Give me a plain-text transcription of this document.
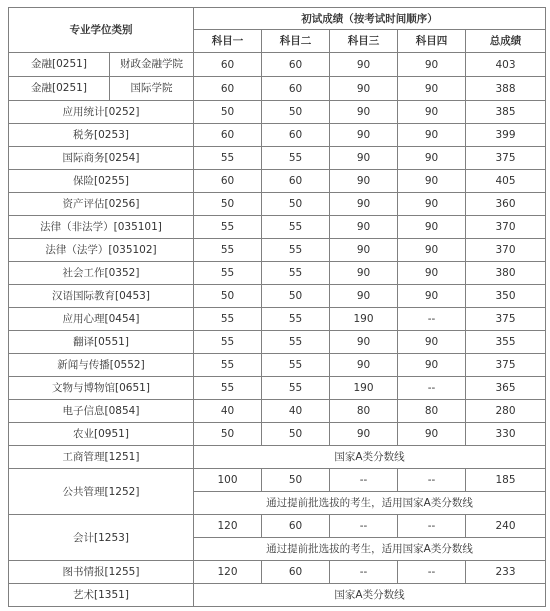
专业学位类别	初试成绩（按考试时间顺序）				
	科目一	科目二	科目三	科目四	总成绩

金融[0251] 财政金融学院	60	60	90	90	403

金融[0251] 国际学院	60	60	90	90	388
应用统计[0252]	50	50	90	90	385
税务[0253]	60	60	90	90	399
国际商务[0254]	55	55	90	90	375
保险[0255]	60	60	90	90	405
资产评估[0256]	50	50	90	90	360
法律（非法学）[035101]	55	55	90	90	370
法律（法学）[035102]	55	55	90	90	370
社会工作[0352]	55	55	90	90	380
汉语国际教育[0453]	50	50	90	90	350
应用心理[0454]	55	55	190	--	375
翻译[0551]	55	55	90	90	355
新闻与传播[0552]	55	55	90	90	375
文物与博物馆[0651]	55	55	190	--	365
电子信息[0854]	40	40	80	80	280
农业[0951]	50	50	90	90	330
工商管理[1251]	国家A类分数线				
公共管理[1252]	100	50	--	--	185
	通过提前批选拔的考生，适用国家A类分数线				
会计[1253]	120	60	--	--	240
	通过提前批选拔的考生，适用国家A类分数线				
图书情报[1255]	120	60	--	--	233
艺术[1351]	国家A类分数线				
